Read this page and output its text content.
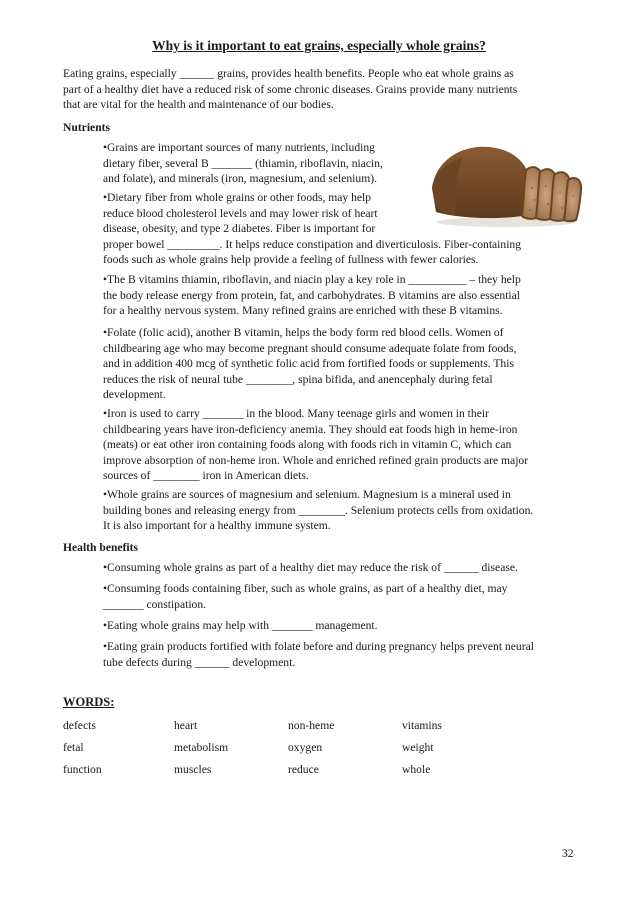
Why is it important to eat grains, especially whole grains?

Eating grains, especially ______ grains, provides health benefits. People who eat whole grains as
part of a healthy diet have a reduced risk of some chronic diseases. Grains provide many nutrients
that are vital for the health and maintenance of our bodies.

Nutrients

•Grains are important sources of many nutrients, including
dietary fiber, several B _______ (thiamin, riboflavin, niacin,
and folate), and minerals (iron, magnesium, and selenium).

•Dietary fiber from whole grains or other foods, may help
reduce blood cholesterol levels and may lower risk of heart
disease, obesity, and type 2 diabetes. Fiber is important for
proper bowel _________. It helps reduce constipation and diverticulosis. Fiber-containing
foods such as whole grains help provide a feeling of fullness with fewer calories.

•The B vitamins thiamin, riboflavin, and niacin play a key role in __________ – they help
the body release energy from protein, fat, and carbohydrates. B vitamins are also essential
for a healthy nervous system. Many refined grains are enriched with these B vitamins.

•Folate (folic acid), another B vitamin, helps the body form red blood cells. Women of
childbearing age who may become pregnant should consume adequate folate from foods,
and in addition 400 mcg of synthetic folic acid from fortified foods or supplements. This
reduces the risk of neural tube ________, spina bifida, and anencephaly during fetal
development.

•Iron is used to carry _______ in the blood. Many teenage girls and women in their
childbearing years have iron-deficiency anemia. They should eat foods high in heme-iron
(meats) or eat other iron containing foods along with foods rich in vitamin C, which can
improve absorption of non-heme iron. Whole and enriched refined grain products are major
sources of ________ iron in American diets.

•Whole grains are sources of magnesium and selenium. Magnesium is a mineral used in
building bones and releasing energy from ________. Selenium protects cells from oxidation.
It is also important for a healthy immune system.

Health benefits

•Consuming whole grains as part of a healthy diet may reduce the risk of ______ disease.

•Consuming foods containing fiber, such as whole grains, as part of a healthy diet, may
_______ constipation.

•Eating whole grains may help with _______ management.

•Eating grain products fortified with folate before and during pregnancy helps prevent neural
tube defects during ______ development.

WORDS:
defects	heart	non-heme	vitamins
fetal	metabolism	oxygen	weight
function	muscles	reduce	whole
32
